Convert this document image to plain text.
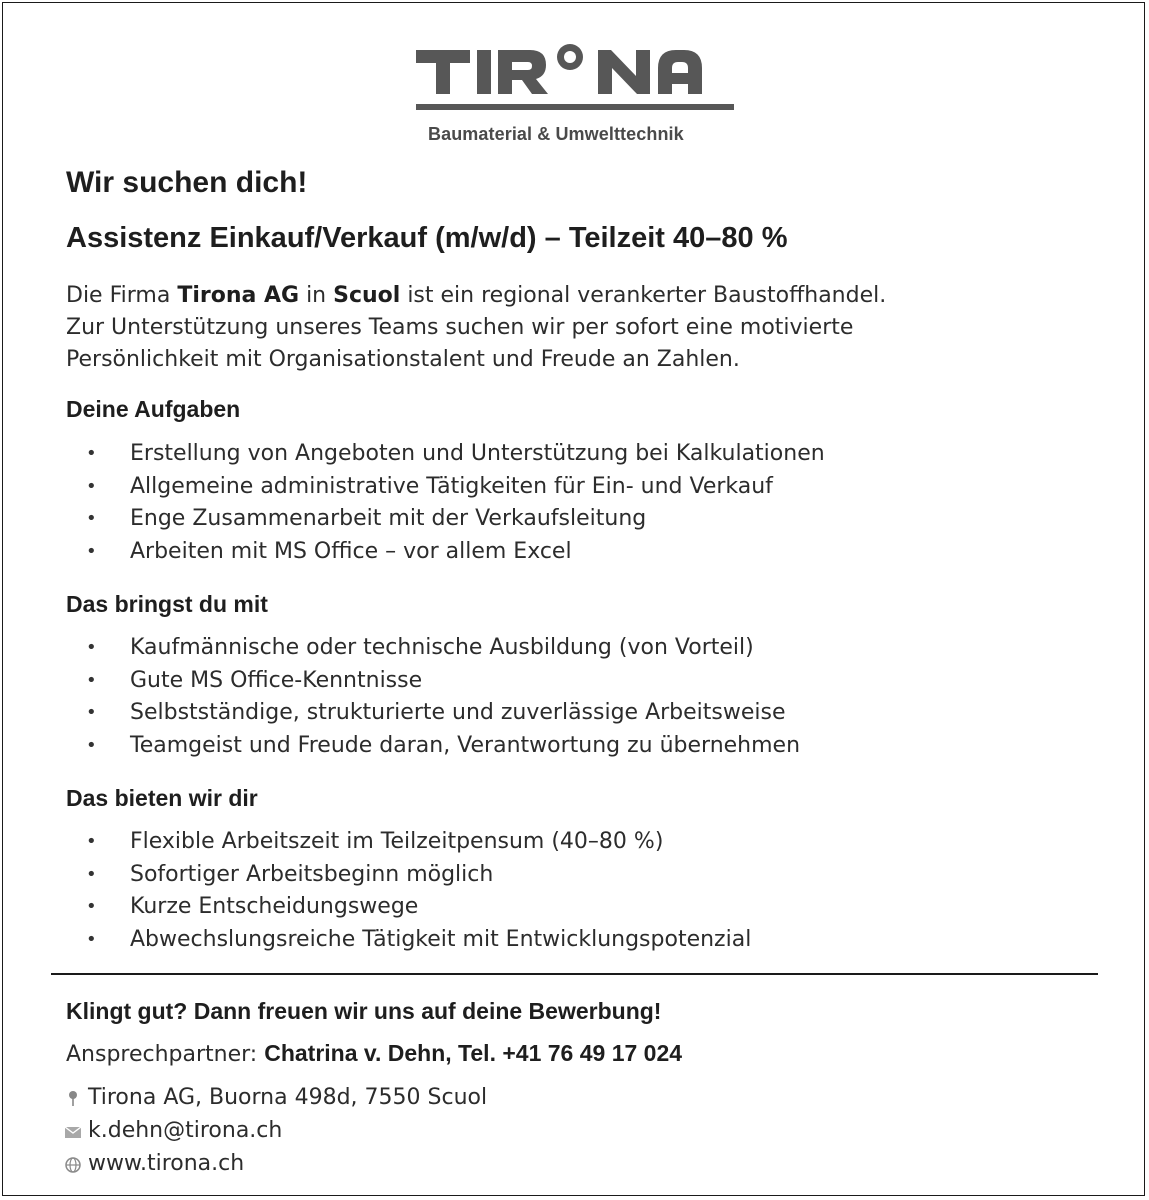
Baumaterial & Umwelttechnik
Wir suchen dich!
Assistenz Einkauf/Verkauf (m/w/d) – Teilzeit 40–80 %

Die Firma Tirona AG in Scuol ist ein regional verankerter Baustoffhandel.
Zur Unterstützung unseres Teams suchen wir per sofort eine motivierte
Persönlichkeit mit Organisationstalent und Freude an Zahlen.

Deine Aufgaben
• Erstellung von Angeboten und Unterstützung bei Kalkulationen
• Allgemeine administrative Tätigkeiten für Ein- und Verkauf
• Enge Zusammenarbeit mit der Verkaufsleitung
• Arbeiten mit MS Office – vor allem Excel
Das bringst du mit
• Kaufmännische oder technische Ausbildung (von Vorteil)
• Gute MS Office-Kenntnisse
• Selbstständige, strukturierte und zuverlässige Arbeitsweise
• Teamgeist und Freude daran, Verantwortung zu übernehmen
Das bieten wir dir
• Flexible Arbeitszeit im Teilzeitpensum (40–80 %)
• Sofortiger Arbeitsbeginn möglich
• Kurze Entscheidungswege
• Abwechslungsreiche Tätigkeit mit Entwicklungspotenzial
Klingt gut? Dann freuen wir uns auf deine Bewerbung!
Ansprechpartner: Chatrina v. Dehn, Tel. +41 76 49 17 024
Tirona AG, Buorna 498d, 7550 Scuol
k.dehn@tirona.ch
www.tirona.ch
